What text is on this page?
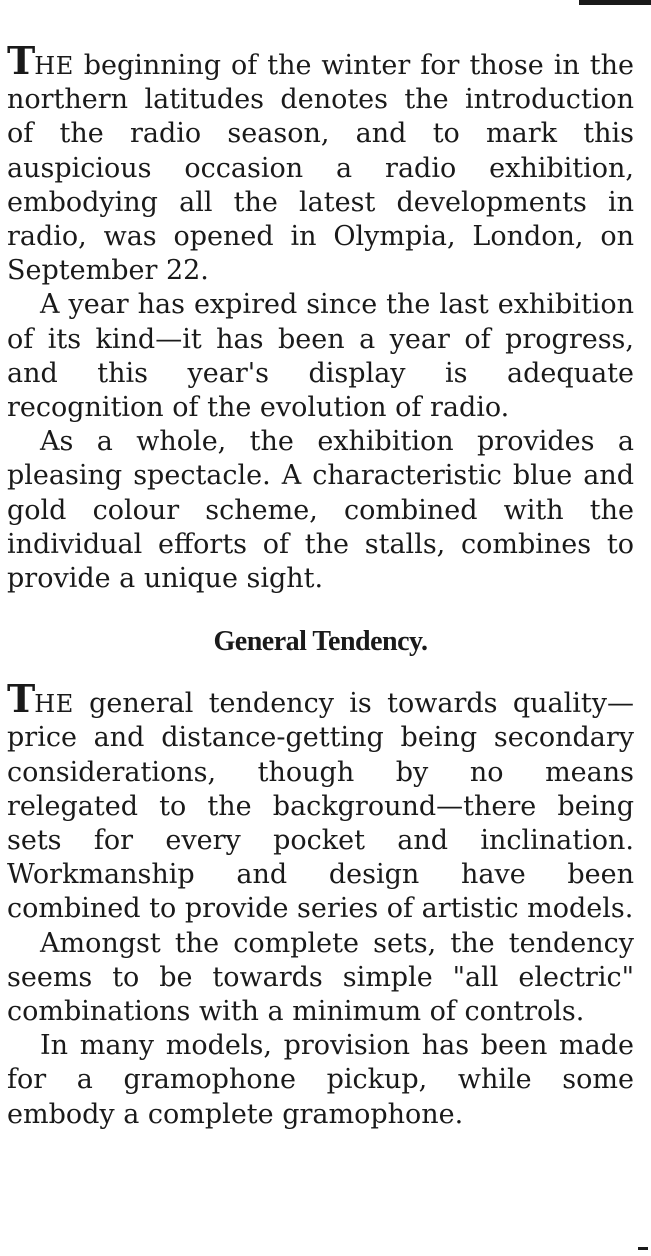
THE beginning of the winter for those in the northern latitudes denotes the introduction of the radio season, and to mark this auspicious occasion a radio exhibition, embodying all the latest developments in radio, was opened in Olympia, London, on September 22.

A year has expired since the last exhibition of its kind—it has been a year of progress, and this year's display is adequate recognition of the evolution of radio.

As a whole, the exhibition provides a pleasing spectacle. A characteristic blue and gold colour scheme, combined with the individual efforts of the stalls, combines to provide a unique sight.

General Tendency.

THE general tendency is towards quality—price and distance-getting being secondary considerations, though by no means relegated to the background—there being sets for every pocket and inclination. Workmanship and design have been combined to provide series of artistic models.

Amongst the complete sets, the tendency seems to be towards simple "all electric" combinations with a minimum of controls.

In many models, provision has been made for a gramophone pickup, while some embody a complete gramophone.
